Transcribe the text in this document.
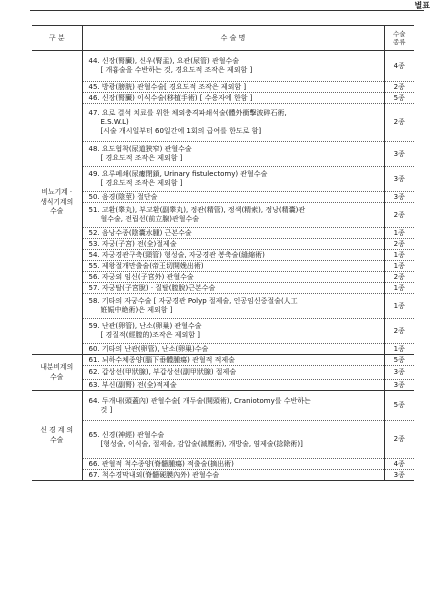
별표
구 분	수 술 명	수술
종류
비뇨기계 ·
생식기계의
수술	44. 신장(腎臟), 신우(腎盂), 요관(尿管) 관혈수술
[ 개흉술을 수반하는 것, 경요도적 조작은 제외함 ]	4종

	45. 방광(膀胱) 관혈수술[ 경요도적 조작은 제외함 ]	2종

	46. 신장(腎臟) 이식수술(移植手術) [ 수용자에 한함 ]	5종

	47. 요로 결석 치료를 위한 체외충격파쇄석술(體外衝擊波碎石術,
E.S.W.L)
[시술 개시일부터 60일간에 1회의 급여를 한도로 함]	2종

	48. 요도협착(尿道狹窄) 관혈수술
[ 경요도적 조작은 제외함 ]	3종

	49. 요루폐쇄(尿瘻閉鎖, Urinary fistulectomy) 관혈수술
[ 경요도적 조작은 제외함 ]	3종

	50. 음경(陰莖) 절단술	3종

	51. 고환(睾丸), 부고환(副睾丸), 정관(精管), 정색(精索), 정낭(精囊)관
혈수술, 전립선(前立腺)관혈수술	2종

	52. 음낭수종(陰囊水腫) 근본수술	1종

	53. 자궁(子宮) 전(全)절제술	2종

	54. 자궁경관구축(頸管) 형성술, 자궁경관 봉축술(縫縮術)	1종

	55. 제왕절개만출술(帝王切開娩出術)	1종

	56. 자궁외 임신(子宮外) 관혈수술	2종

	57. 자궁탈(子宮脫) · 질탈(膣脫)근본수술	1종

	58. 기타의 자궁수술 [ 자궁경관 Polyp 절제술, 인공임신중절술(人工
姙娠中絶術)은 제외함 ]	1종

	59. 난관(卵管), 난소(卵巢) 관혈수술
[ 경질적(經膣的)조작은 제외함 ]	2종

	60. 기타의 난관(卵管), 난소(卵巢)수술	1종
내분비계의
수술	61. 뇌하수체종양(腦下垂體腫瘍) 관혈적 적제술	5종

	62. 갑상선(甲狀腺), 부갑상선(副甲狀腺) 절제술	3종

	63. 부신(副腎) 전(全)적제술	3종
신 경 계 의
수술	64. 두개내(頭蓋內) 관혈수술[ 개두술(開頭術), Craniotomy를 수반하는
것 ]	5종

	65. 신경(神經) 관혈수술
[형성술, 이식술, 절제술, 감압술(減壓術), 개방술, 염제술(捻除術)]	2종

	66. 관혈적 척수종양(脊髓腫瘍) 적출술(摘出術)	4종

	67. 척수경막내외(脊髓硬膜內外) 관혈수술	3종
